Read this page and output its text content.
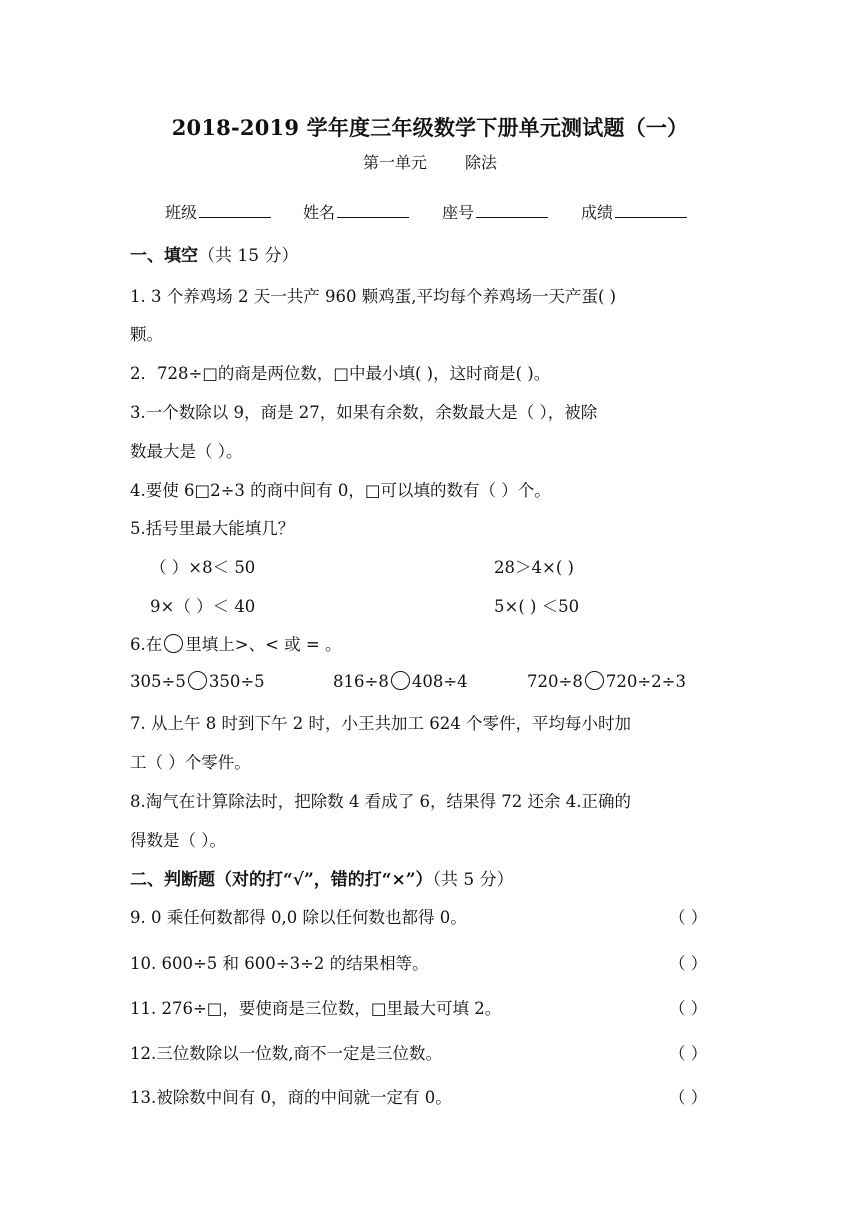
2018-2019 学年度三年级数学下册单元测试题（一）
第一单元 除法
班级	姓名	座号	成绩
一、填空（共 15 分）
1. 3 个养鸡场 2 天一共产 960 颗鸡蛋,平均每个养鸡场一天产蛋( )
颗。
2．728÷□的商是两位数，□中最小填( )，这时商是( )。
3.一个数除以 9，商是 27，如果有余数，余数最大是（ ），被除
数最大是（ ）。
4.要使 6□2÷3 的商中间有 0，□可以填的数有（ ）个。
5.括号里最大能填几？
（ ）×8＜ 50	28＞4×( )
9×（ ）＜ 40	5×( ) ＜50
6.在 里填上>、< 或 = 。
305÷5 350÷5	816÷8 408÷4	720÷8 720÷2÷3
7. 从上午 8 时到下午 2 时，小王共加工 624 个零件，平均每小时加
工（ ）个零件。
8.淘气在计算除法时，把除数 4 看成了 6，结果得 72 还余 4.正确的
得数是（ ）。
二、判断题（对的打“√”，错的打“×”）（共 5 分）
9. 0 乘任何数都得 0,0 除以任何数也都得 0。	（ ）
10. 600÷5 和 600÷3÷2 的结果相等。	（ ）
11. 276÷□，要使商是三位数，□里最大可填 2。	（ ）
12.三位数除以一位数,商不一定是三位数。	（ ）
13.被除数中间有 0，商的中间就一定有 0。	（ ）
